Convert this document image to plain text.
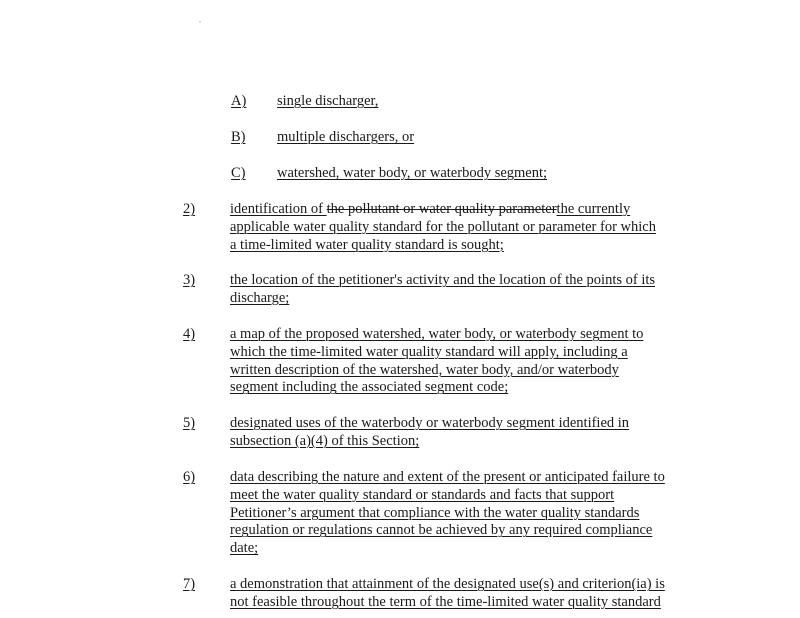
A) single discharger,
B) multiple dischargers, or
C) watershed, water body, or waterbody segment;
2) identification of the pollutant or water quality parameterthe currently
applicable water quality standard for the pollutant or parameter for which
a time-limited water quality standard is sought;
3) the location of the petitioner's activity and the location of the points of its
discharge;
4) a map of the proposed watershed, water body, or waterbody segment to
which the time-limited water quality standard will apply, including a
written description of the watershed, water body, and/or waterbody
segment including the associated segment code;
5) designated uses of the waterbody or waterbody segment identified in
subsection (a)(4) of this Section;
6) data describing the nature and extent of the present or anticipated failure to
meet the water quality standard or standards and facts that support
Petitioner’s argument that compliance with the water quality standards
regulation or regulations cannot be achieved by any required compliance
date;
7) a demonstration that attainment of the designated use(s) and criterion(ia) is
not feasible throughout the term of the time-limited water quality standard
